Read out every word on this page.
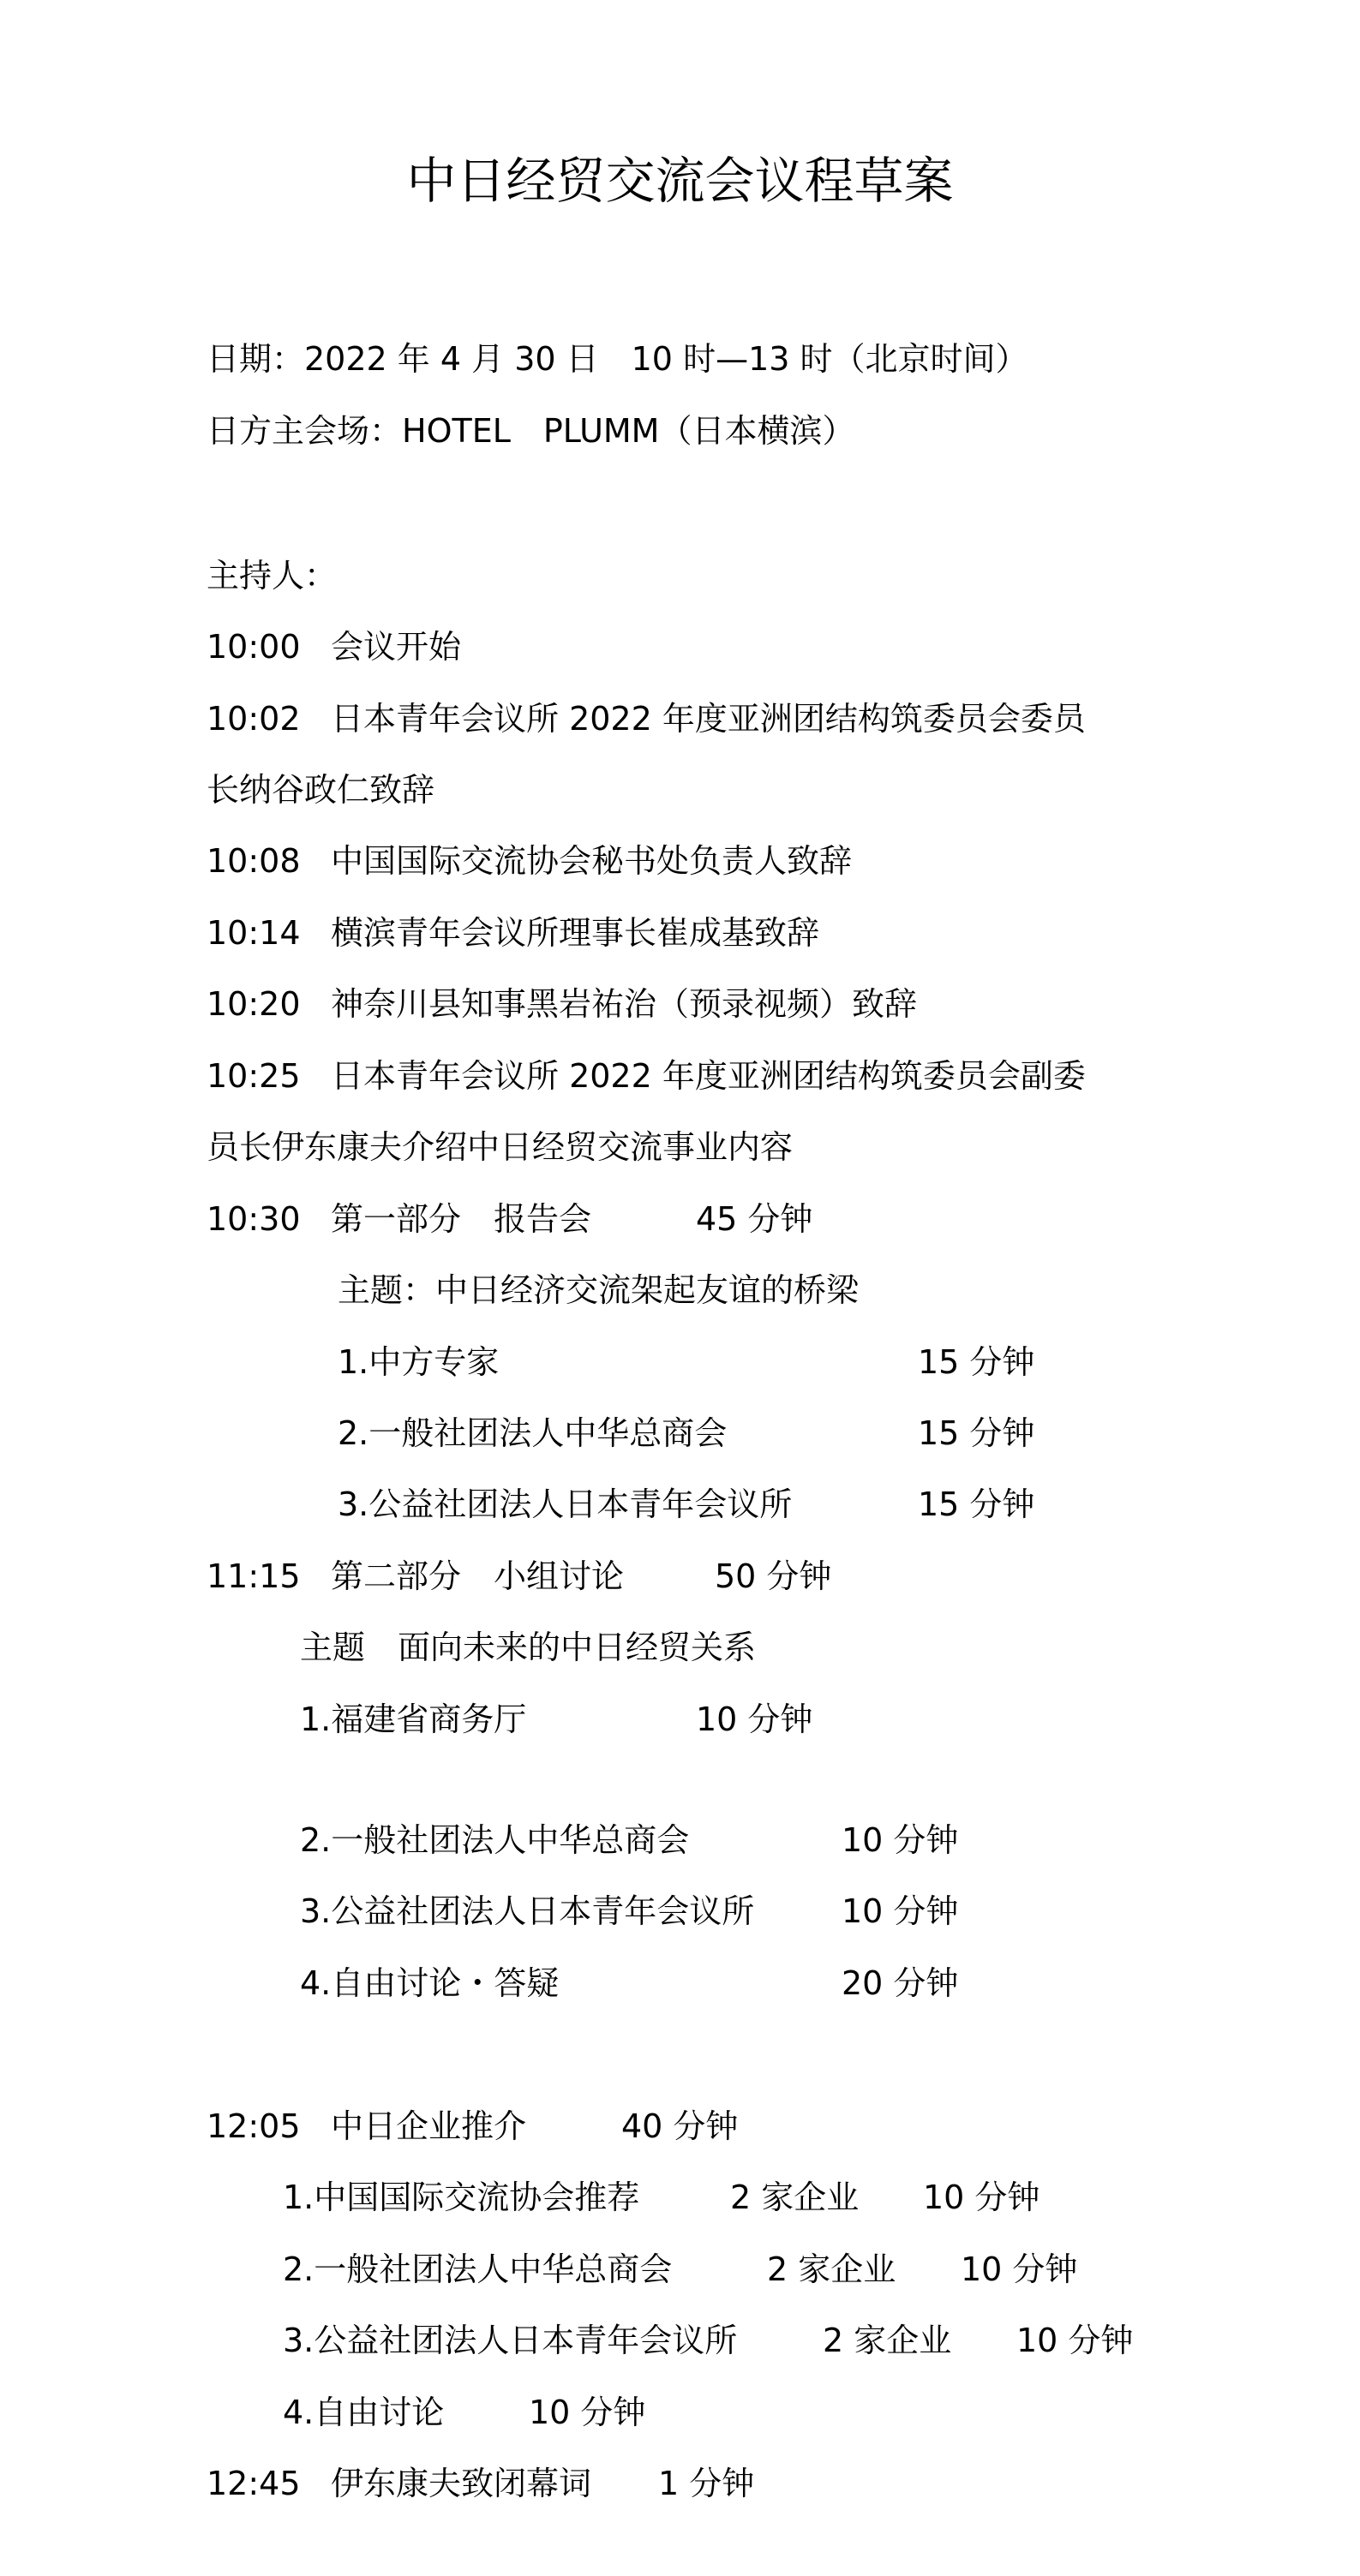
中日经贸交流会议程草案
日期：2022 年 4 月 30 日　10 时—13 时（北京时间）
日方主会场：HOTEL　PLUMM（日本横滨）
主持人：
10:00 会议开始
10:02 日本青年会议所 2022 年度亚洲团结构筑委员会委员
长纳谷政仁致辞
10:08 中国国际交流协会秘书处负责人致辞
10:14 横滨青年会议所理事长崔成基致辞
10:20 神奈川县知事黑岩祐治（预录视频）致辞
10:25 日本青年会议所 2022 年度亚洲团结构筑委员会副委
员长伊东康夫介绍中日经贸交流事业内容
10:30 第一部分　报告会	45 分钟
主题：中日经济交流架起友谊的桥梁
1.中方专家	15 分钟
2.一般社团法人中华总商会	15 分钟
3.公益社团法人日本青年会议所	15 分钟
11:15 第二部分　小组讨论	50 分钟
主题　面向未来的中日经贸关系
1.福建省商务厅	10 分钟
2.一般社团法人中华总商会	10 分钟
3.公益社团法人日本青年会议所	10 分钟
4.自由讨论・答疑	20 分钟
12:05 中日企业推介	40 分钟
1.中国国际交流协会推荐	2 家企业 10 分钟
2.一般社团法人中华总商会	2 家企业 10 分钟
3.公益社团法人日本青年会议所	2 家企业 10 分钟
4.自由讨论	10 分钟
12:45 伊东康夫致闭幕词 1 分钟
